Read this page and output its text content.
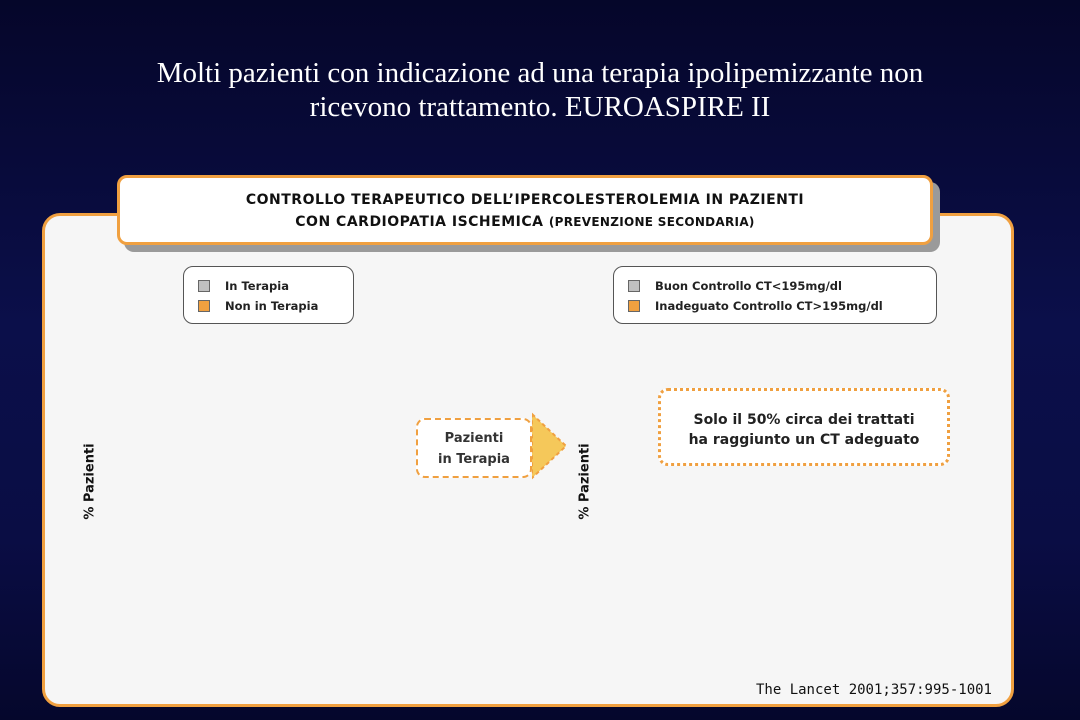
Molti pazienti con indicazione ad una terapia ipolipemizzante non
ricevono trattamento. EUROASPIRE II
CONTROLLO TERAPEUTICO DELL’IPERCOLESTEROLEMIA IN PAZIENTI
CON CARDIOPATIA ISCHEMICA (PREVENZIONE SECONDARIA)
In Terapia
Non in Terapia
Buon Controllo CT<195mg/dl
Inadeguato Controllo CT>195mg/dl
% Pazienti	% Pazienti
Pazienti
in Terapia
Solo il 50% circa dei trattati
ha raggiunto un CT adeguato
The Lancet 2001;357:995-1001
